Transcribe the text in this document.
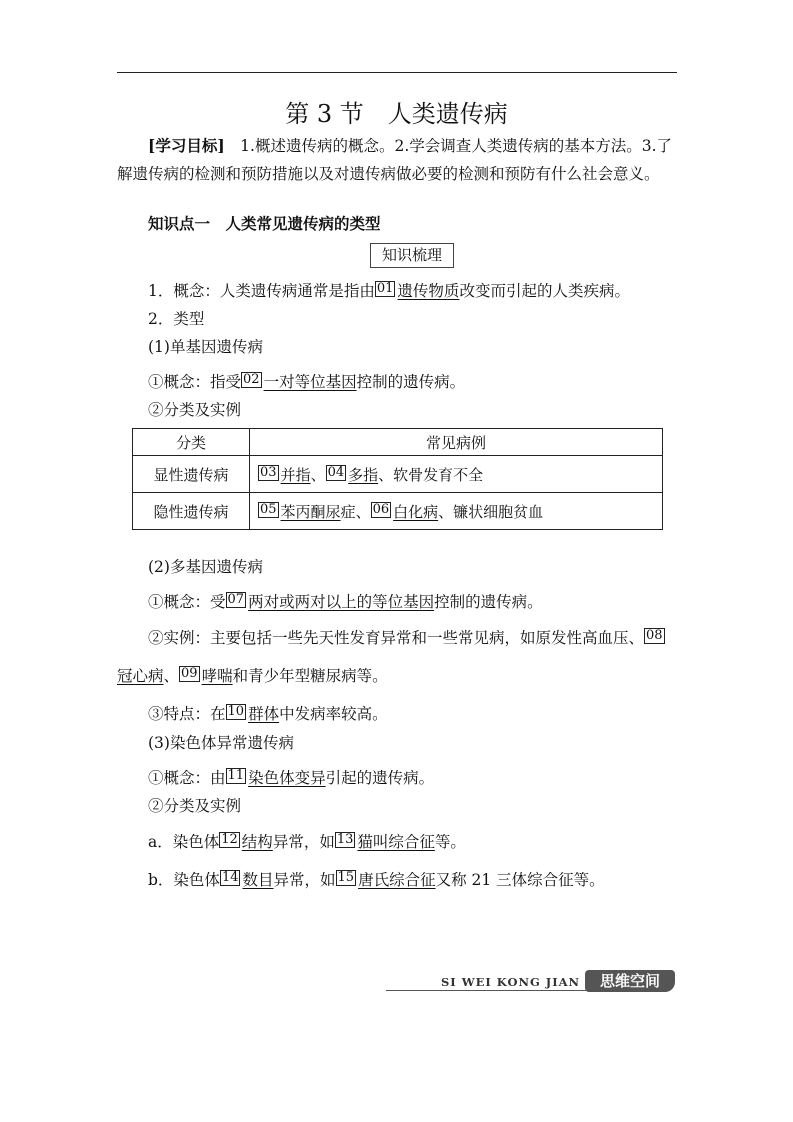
第 3 节　人类遗传病
[学习目标]　1.概述遗传病的概念。2.学会调查人类遗传病的基本方法。3.了
解遗传病的检测和预防措施以及对遗传病做必要的检测和预防有什么社会意义。
知识点一　人类常见遗传病的类型
知识梳理
1．概念：人类遗传病通常是指由 01 遗传物质改变而引起的人类疾病。
2．类型
(1)单基因遗传病
①概念：指受 02 一对等位基因控制的遗传病。
②分类及实例
分类	常见病例
显性遗传病	03 并指、 04 多指、软骨发育不全
隐性遗传病	05 苯丙酮尿症、 06 白化病、镰状细胞贫血
(2)多基因遗传病
①概念：受 07 两对或两对以上的等位基因控制的遗传病。
②实例：主要包括一些先天性发育异常和一些常见病，如原发性高血压、 08
冠心病、 09 哮喘和青少年型糖尿病等。
③特点：在 10 群体中发病率较高。
(3)染色体异常遗传病
①概念：由 11 染色体变异引起的遗传病。
②分类及实例
a．染色体 12 结构异常，如 13 猫叫综合征等。
b．染色体 14 数目异常，如 15 唐氏综合征又称 21 三体综合征等。
SI WEI KONG JIAN	思维空间
